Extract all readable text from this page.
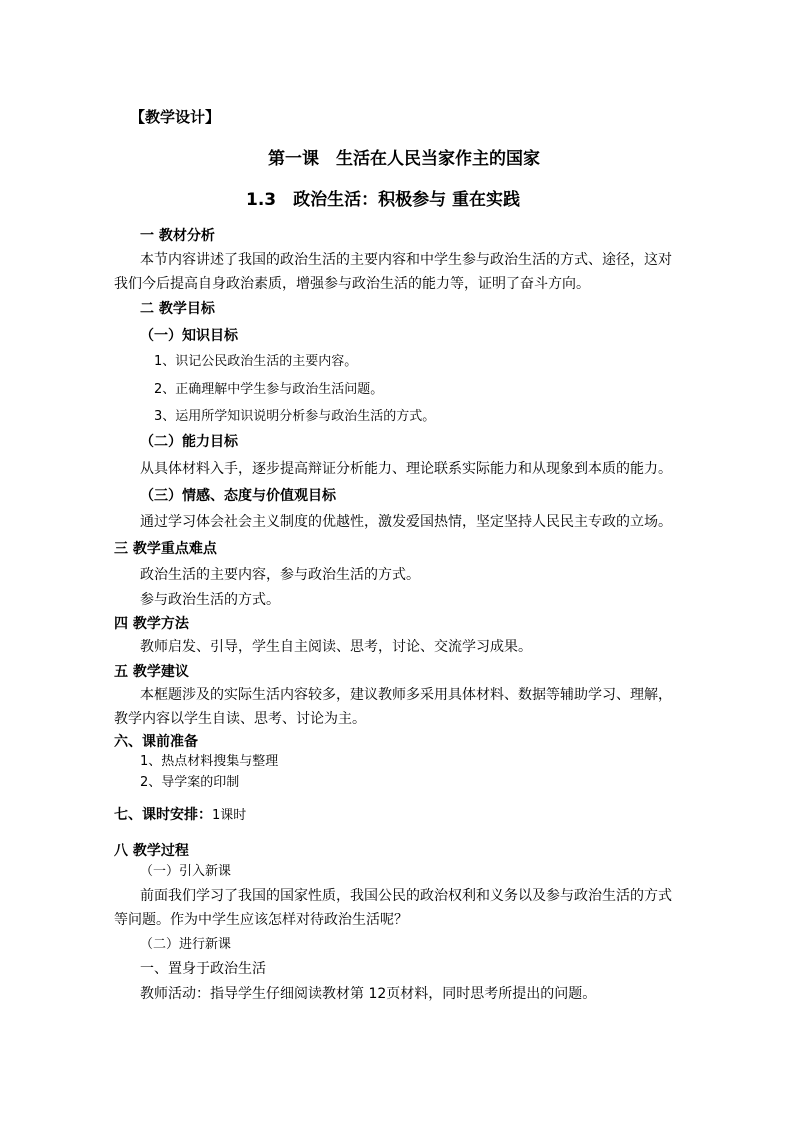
【教学设计】
第一课　生活在人民当家作主的国家
1.3　政治生活：积极参与 重在实践
一 教材分析
本节内容讲述了我国的政治生活的主要内容和中学生参与政治生活的方式、途径，这对
我们今后提高自身政治素质，增强参与政治生活的能力等，证明了奋斗方向。
二 教学目标
（一）知识目标
1、识记公民政治生活的主要内容。
2、正确理解中学生参与政治生活问题。
3、运用所学知识说明分析参与政治生活的方式。
（二）能力目标
从具体材料入手，逐步提高辩证分析能力、理论联系实际能力和从现象到本质的能力。
（三）情感、态度与价值观目标
通过学习体会社会主义制度的优越性，激发爱国热情，坚定坚持人民民主专政的立场。
三 教学重点难点
政治生活的主要内容，参与政治生活的方式。
参与政治生活的方式。
四 教学方法
教师启发、引导，学生自主阅读、思考，讨论、交流学习成果。
五 教学建议
本框题涉及的实际生活内容较多，建议教师多采用具体材料、数据等辅助学习、理解，
教学内容以学生自读、思考、讨论为主。
六、课前准备
1、热点材料搜集与整理
2、导学案的印制
七、课时安排：1课时
八 教学过程
（一）引入新课
前面我们学习了我国的国家性质，我国公民的政治权利和义务以及参与政治生活的方式
等问题。作为中学生应该怎样对待政治生活呢？
（二）进行新课
一、置身于政治生活
教师活动：指导学生仔细阅读教材第 12页材料，同时思考所提出的问题。
